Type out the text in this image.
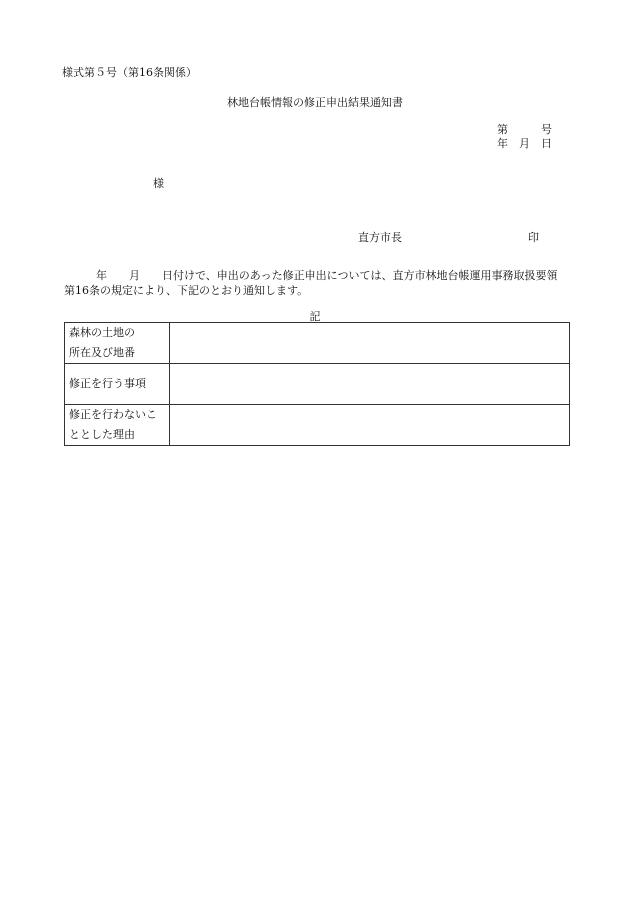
様式第５号（第16条関係）
林地台帳情報の修正申出結果通知書
第	号
年 月 日
様
直方市長	印
年　　月　　日付けで、申出のあった修正申出については、直方市林地台帳運用事務取扱要領
第16条の規定により、下記のとおり通知します。
記
森林の土地の
所在及び地番	

修正を行う事項	

修正を行わないこ
ととした理由	
